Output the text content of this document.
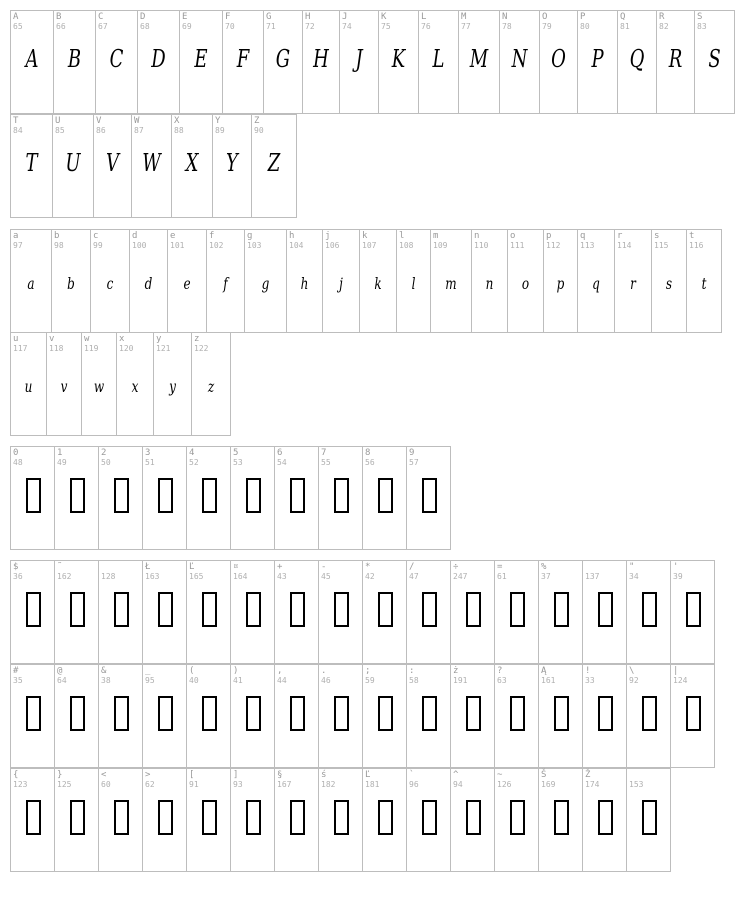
A
65
A
B
66
B
C
67
C
D
68
D
E
69
E
F
70
F
G
71
G
H
72
H
J
74
J
K
75
K
L
76
L
M
77
M
N
78
N
O
79
O
P
80
P
Q
81
Q
R
82
R
S
83
S
T
84
T
U
85
U
V
86
V
W
87
W
X
88
X
Y
89
Y
Z
90
Z
a
97
a
b
98
b
c
99
c
d
100
d
e
101
e
f
102
f
g
103
g
h
104
h
j
106
j
k
107
k
l
108
l
m
109
m
n
110
n
o
111
o
p
112
p
q
113
q
r
114
r
s
115
s
t
116
t
u
117
u
v
118
v
w
119
w
x
120
x
y
121
y
z
122
z
0
48
1
49
2
50
3
51
4
52
5
53
6
54
7
55
8
56
9
57
$
36
˜
162	128
Ł
163
Ľ
165
¤
164
+
43
-
45
*
42
/
47
÷
247
=
61
%
37	137
"
34
'
39
#
35
@
64
&
38
_
95
(
40
)
41
,
44
.
46
;
59
:
58
ż
191
?
63
Ą
161
!
33
\
92
|
124
{
123
}
125
<
60
>
62
[
91
]
93
§
167
ś
182
Ľ
181
`
96
^
94
~
126
Š
169
Ž
174	153
